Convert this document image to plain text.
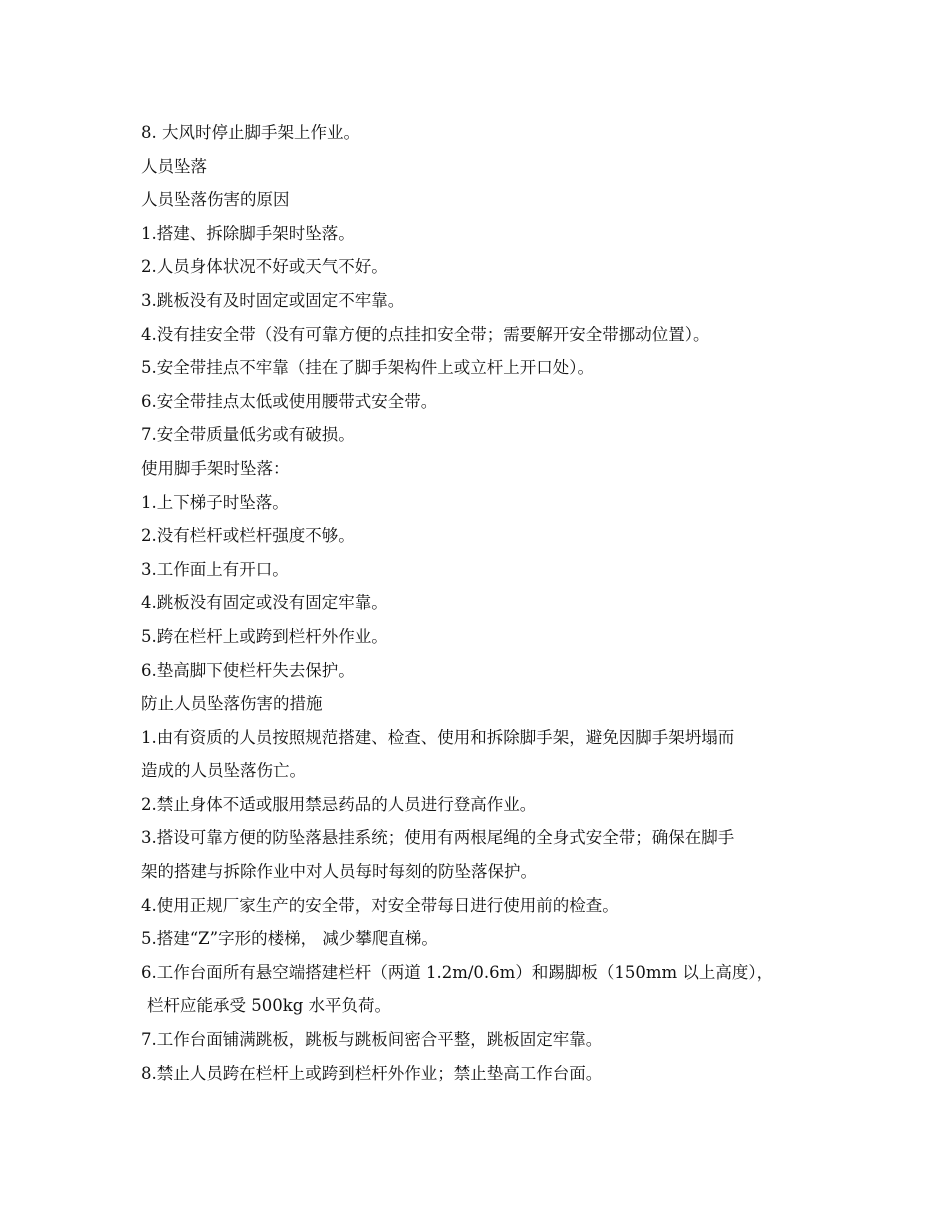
8. 大风时停止脚手架上作业。

人员坠落

人员坠落伤害的原因

1.搭建、拆除脚手架时坠落。

2.人员身体状况不好或天气不好。

3.跳板没有及时固定或固定不牢靠。

4.没有挂安全带（没有可靠方便的点挂扣安全带；需要解开安全带挪动位置）。

5.安全带挂点不牢靠（挂在了脚手架构件上或立杆上开口处）。

6.安全带挂点太低或使用腰带式安全带。

7.安全带质量低劣或有破损。

使用脚手架时坠落：

1.上下梯子时坠落。

2.没有栏杆或栏杆强度不够。

3.工作面上有开口。

4.跳板没有固定或没有固定牢靠。

5.跨在栏杆上或跨到栏杆外作业。

6.垫高脚下使栏杆失去保护。

防止人员坠落伤害的措施

1.由有资质的人员按照规范搭建、检查、使用和拆除脚手架，避免因脚手架坍塌而

造成的人员坠落伤亡。

2.禁止身体不适或服用禁忌药品的人员进行登高作业。

3.搭设可靠方便的防坠落悬挂系统；使用有两根尾绳的全身式安全带；确保在脚手

架的搭建与拆除作业中对人员每时每刻的防坠落保护。

4.使用正规厂家生产的安全带，对安全带每日进行使用前的检查。

5.搭建“Z”字形的楼梯， 减少攀爬直梯。

6.工作台面所有悬空端搭建栏杆（两道 1.2m/0.6m）和踢脚板（150mm 以上高度），

栏杆应能承受 500kg 水平负荷。

7.工作台面铺满跳板，跳板与跳板间密合平整，跳板固定牢靠。

8.禁止人员跨在栏杆上或跨到栏杆外作业；禁止垫高工作台面。
